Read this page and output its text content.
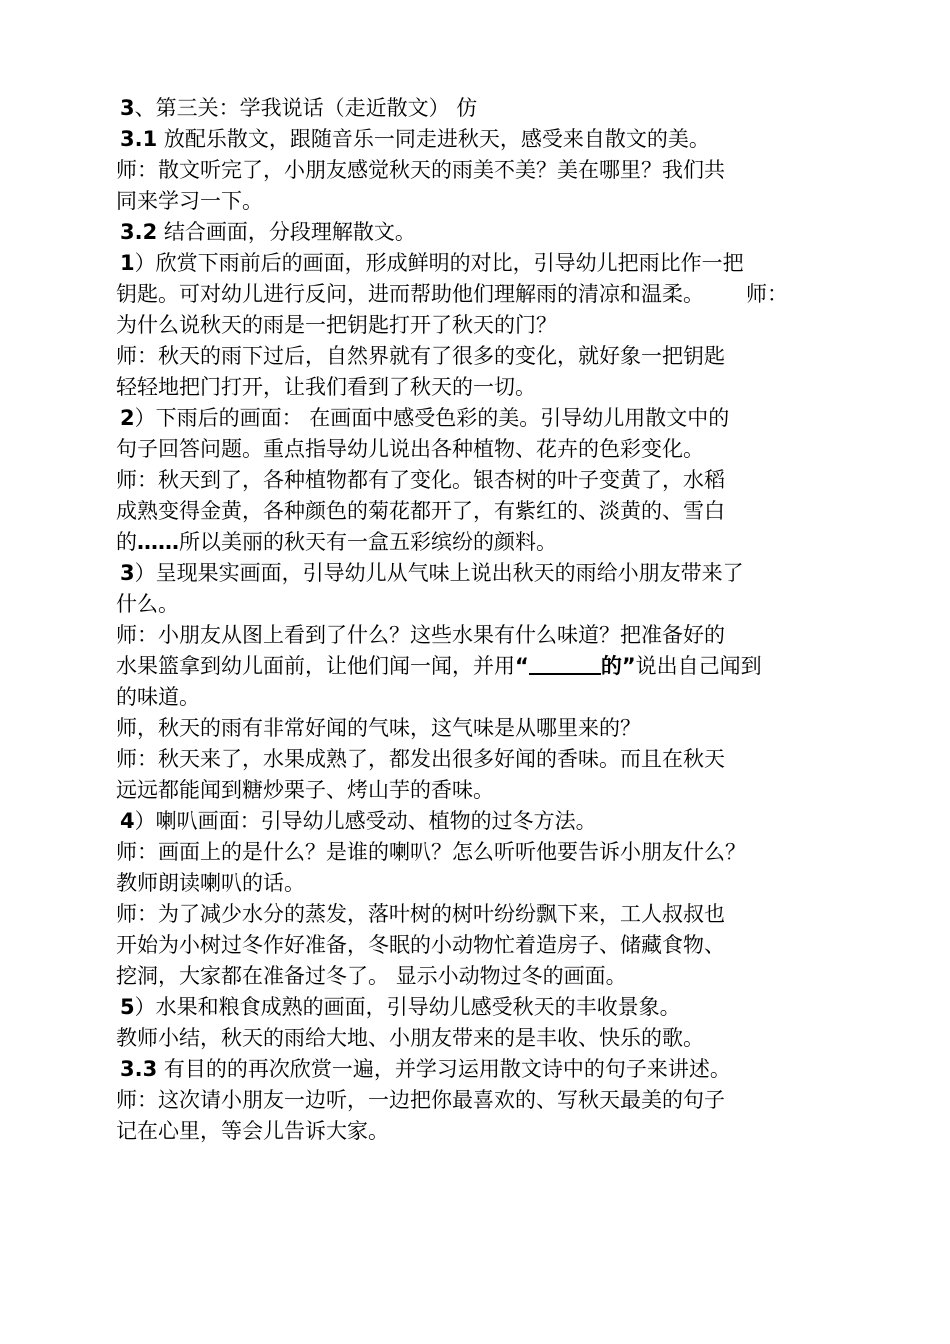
3、第三关：学我说话（走近散文） 仿
3.1 放配乐散文，跟随音乐一同走进秋天，感受来自散文的美。
师：散文听完了，小朋友感觉秋天的雨美不美？美在哪里？我们共
同来学习一下。
3.2 结合画面，分段理解散文。
1）欣赏下雨前后的画面，形成鲜明的对比，引导幼儿把雨比作一把
钥匙。可对幼儿进行反问，进而帮助他们理解雨的清凉和温柔。 师：
为什么说秋天的雨是一把钥匙打开了秋天的门？
师：秋天的雨下过后，自然界就有了很多的变化，就好象一把钥匙
轻轻地把门打开，让我们看到了秋天的一切。
2）下雨后的画面： 在画面中感受色彩的美。引导幼儿用散文中的
句子回答问题。重点指导幼儿说出各种植物、花卉的色彩变化。
师：秋天到了，各种植物都有了变化。银杏树的叶子变黄了，水稻
成熟变得金黄，各种颜色的菊花都开了，有紫红的、淡黄的、雪白
的……所以美丽的秋天有一盒五彩缤纷的颜料。
3）呈现果实画面，引导幼儿从气味上说出秋天的雨给小朋友带来了
什么。
师：小朋友从图上看到了什么？这些水果有什么味道？把准备好的
水果篮拿到幼儿面前，让他们闻一闻，并用“	的”说出自己闻到
的味道。
师，秋天的雨有非常好闻的气味，这气味是从哪里来的？
师：秋天来了，水果成熟了，都发出很多好闻的香味。而且在秋天
远远都能闻到糖炒栗子、烤山芋的香味。
4）喇叭画面：引导幼儿感受动、植物的过冬方法。
师：画面上的是什么？是谁的喇叭？怎么听听他要告诉小朋友什么？
教师朗读喇叭的话。
师：为了减少水分的蒸发，落叶树的树叶纷纷飘下来，工人叔叔也
开始为小树过冬作好准备，冬眠的小动物忙着造房子、储藏食物、
挖洞，大家都在准备过冬了。 显示小动物过冬的画面。
5）水果和粮食成熟的画面，引导幼儿感受秋天的丰收景象。
教师小结，秋天的雨给大地、小朋友带来的是丰收、快乐的歌。
3.3 有目的的再次欣赏一遍，并学习运用散文诗中的句子来讲述。
师：这次请小朋友一边听，一边把你最喜欢的、写秋天最美的句子
记在心里，等会儿告诉大家。
